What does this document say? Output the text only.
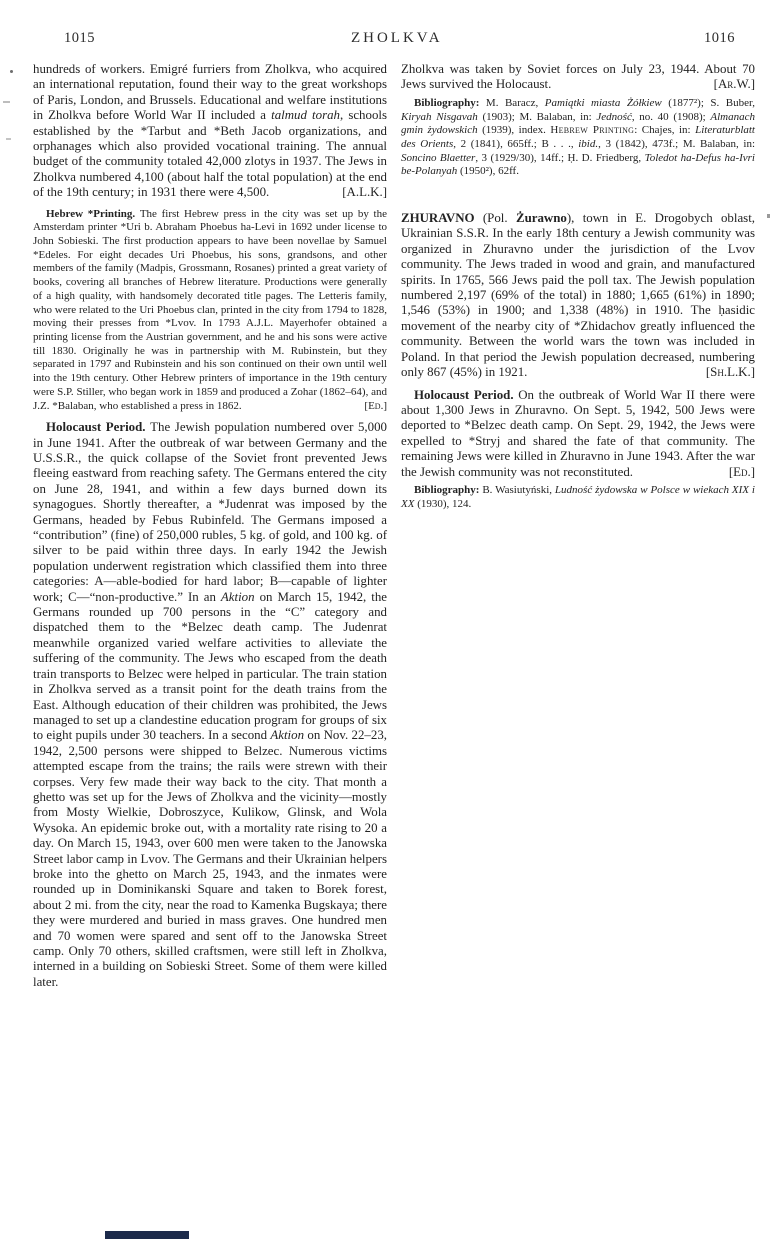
1015	ZHOLKVA	1016

hundreds of workers. Emigré furriers from Zholkva, who acquired an international reputation, found their way to the great workshops of Paris, London, and Brussels. Educational and welfare institutions in Zholkva before World War II included a talmud torah, schools established by the *Tarbut and *Beth Jacob organizations, and orphanages which also provided vocational training. The annual budget of the community totaled 42,000 zlotys in 1937. The Jews in Zholkva numbered 4,100 (about half the total population) at the end of the 19th century; in 1931 there were 4,500.	[A.L.K.]

Hebrew *Printing. The first Hebrew press in the city was set up by the Amsterdam printer *Uri b. Abraham Phoebus ha-Levi in 1692 under license to John Sobieski. The first production appears to have been novellae by Samuel *Edeles. For eight decades Uri Phoebus, his sons, grandsons, and other members of the family (Madpis, Grossmann, Rosanes) printed a great variety of books, covering all branches of Hebrew literature. Productions were generally of a high quality, with handsomely decorated title pages. The Letteris family, who were related to the Uri Phoebus clan, printed in the city from 1794 to 1828, moving their presses from *Lvov. In 1793 A.J.L. Mayerhofer obtained a printing license from the Austrian government, and he and his sons were active till 1830. Originally he was in partnership with M. Rubinstein, but they separated in 1797 and Rubinstein and his son continued on their own until well into the 19th century. Other Hebrew printers of importance in the 19th century were S.P. Stiller, who began work in 1859 and produced a Zohar (1862–64), and J.Z. *Balaban, who established a press in 1862.	[Ed.]

Holocaust Period. The Jewish population numbered over 5,000 in June 1941. After the outbreak of war between Germany and the U.S.S.R., the quick collapse of the Soviet front prevented Jews fleeing eastward from reaching safety. The Germans entered the city on June 28, 1941, and within a few days burned down its synagogues. Shortly thereafter, a *Judenrat was imposed by the Germans, headed by Febus Rubinfeld. The Germans imposed a “contribution” (fine) of 250,000 rubles, 5 kg. of gold, and 100 kg. of silver to be paid within three days. In early 1942 the Jewish population underwent registration which classified them into three categories: A—able-bodied for hard labor; B—capable of lighter work; C—“non-productive.” In an Aktion on March 15, 1942, the Germans rounded up 700 persons in the “C” category and dispatched them to the *Belzec death camp. The Judenrat meanwhile organized varied welfare activities to alleviate the suffering of the community. The Jews who escaped from the death train transports to Belzec were helped in particular. The train station in Zholkva served as a transit point for the death trains from the East. Although education of their children was prohibited, the Jews managed to set up a clandestine education program for groups of six to eight pupils under 30 teachers. In a second Aktion on Nov. 22–23, 1942, 2,500 persons were shipped to Belzec. Numerous victims attempted escape from the trains; the rails were strewn with their corpses. Very few made their way back to the city. That month a ghetto was set up for the Jews of Zholkva and the vicinity—mostly from Mosty Wielkie, Dobroszyce, Kulikow, Glinsk, and Wola Wysoka. An epidemic broke out, with a mortality rate rising to 20 a day. On March 15, 1943, over 600 men were taken to the Janowska Street labor camp in Lvov. The Germans and their Ukrainian helpers broke into the ghetto on March 25, 1943, and the inmates were rounded up in Dominikanski Square and taken to Borek forest, about 2 mi. from the city, near the road to Kamenka Bugskaya; there they were murdered and buried in mass graves. One hundred men and 70 women were spared and sent off to the Janowska Street camp. Only 70 others, skilled craftsmen, were still left in Zholkva, interned in a building on Sobieski Street. Some of them were killed later.

Zholkva was taken by Soviet forces on July 23, 1944. About 70 Jews survived the Holocaust.	[Ar.W.]

Bibliography: M. Baracz, Pamiątki miasta Żółkiew (1877²); S. Buber, Kiryah Nisgavah (1903); M. Balaban, in: Jedność, no. 40 (1908); Almanach gmin żydowskich (1939), index. Hebrew Printing: Chajes, in: Literaturblatt des Orients, 2 (1841), 665ff.; B . . ., ibid., 3 (1842), 473f.; M. Balaban, in: Soncino Blaetter, 3 (1929/30), 14ff.; Ḥ. D. Friedberg, Toledot ha-Defus ha-Ivri be-Polanyah (1950²), 62ff.

ZHURAVNO (Pol. Żurawno), town in E. Drogobych oblast, Ukrainian S.S.R. In the early 18th century a Jewish community was organized in Zhuravno under the jurisdiction of the Lvov community. The Jews traded in wood and grain, and manufactured spirits. In 1765, 566 Jews paid the poll tax. The Jewish population numbered 2,197 (69% of the total) in 1880; 1,665 (61%) in 1890; 1,546 (53%) in 1900; and 1,338 (48%) in 1910. The ḥasidic movement of the nearby city of *Zhidachov greatly influenced the community. Between the world wars the town was included in Poland. In that period the Jewish population decreased, numbering only 867 (45%) in 1921.	[Sh.L.K.]

Holocaust Period. On the outbreak of World War II there were about 1,300 Jews in Zhuravno. On Sept. 5, 1942, 500 Jews were deported to *Belzec death camp. On Sept. 29, 1942, the Jews were expelled to *Stryj and shared the fate of that community. The remaining Jews were killed in Zhuravno in June 1943. After the war the Jewish community was not reconstituted.	[Ed.]

Bibliography: B. Wasiutyński, Ludność żydowska w Polsce w wiekach XIX i XX (1930), 124.
